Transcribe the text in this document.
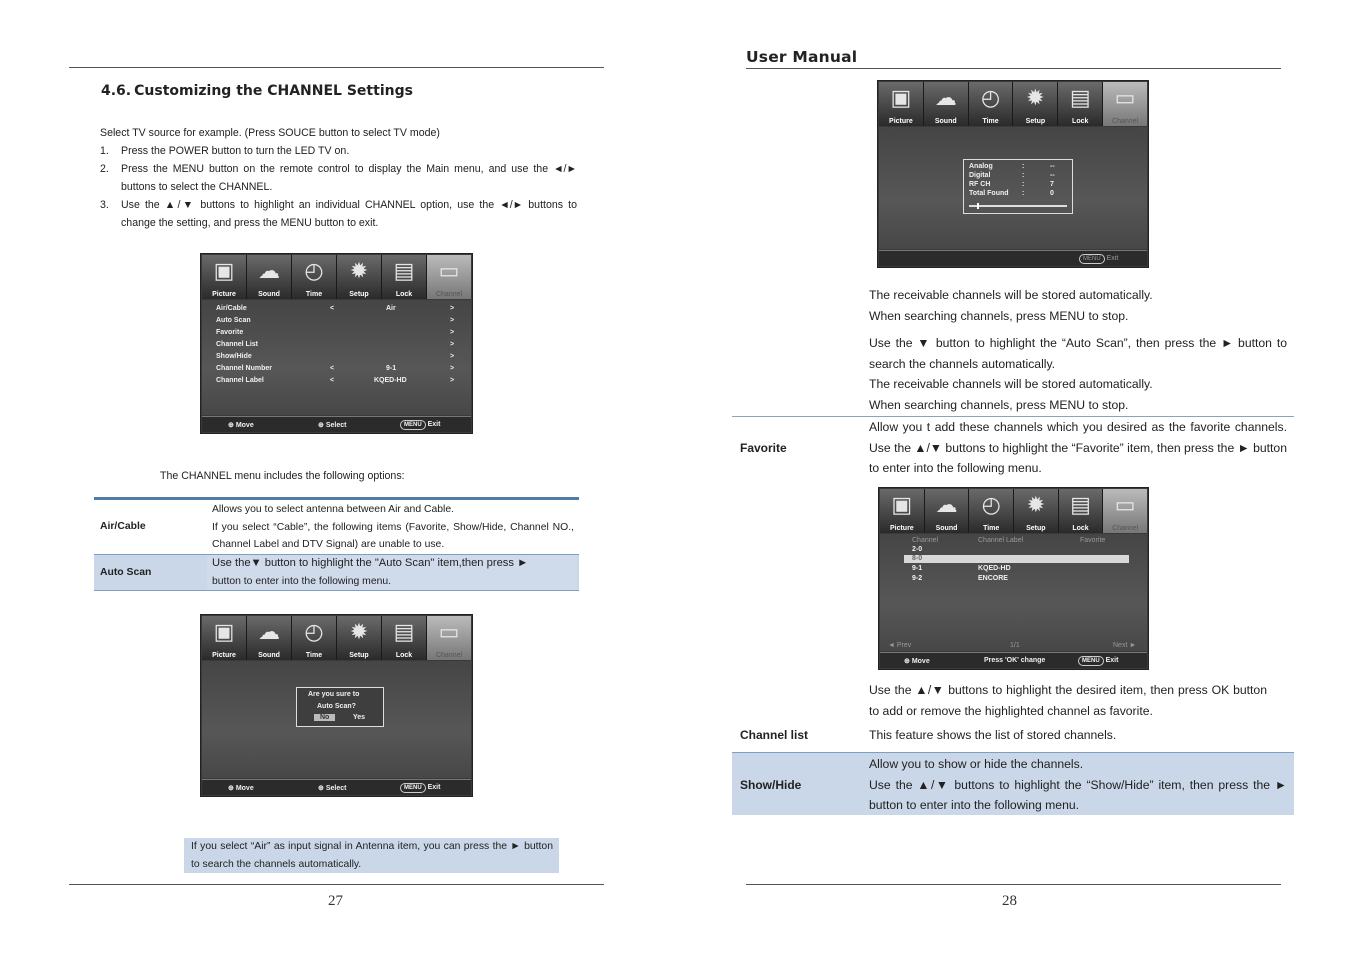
4.6. Customizing the CHANNEL Settings
Select TV source for example. (Press SOUCE button to select TV mode)
1. Press the POWER button to turn the LED TV on.
2. Press the MENU button on the remote control to display the Main menu, and use the ◄/► buttons to select the CHANNEL.
3. Use the ▲/▼ buttons to highlight an individual CHANNEL option, use the ◄/► buttons to change the setting, and press the MENU button to exit.
▣
Picture
☁
Sound
◴
Time
✹
Setup
▤
Lock
▭
Channel
Air/Cable	<	Air	>
Auto Scan	>
Favorite	>
Channel List	>
Show/Hide	>
Channel Number	<	9-1	>
Channel Label	<	KQED-HD	>
⊕ Move	⊕ Select	MENU Exit
The CHANNEL menu includes the following options:
Air/Cable
Allows you to select antenna between Air and Cable.
If you select “Cable”, the following items (Favorite, Show/Hide, Channel NO., Channel Label and DTV Signal) are unable to use.
Auto Scan
Use the▼ button to highlight the "Auto Scan" item,then press ►
button to enter into the following menu.
▣
Picture
☁
Sound
◴
Time
✹
Setup
▤
Lock
▭
Channel
Are you sure to
Auto Scan?
No	Yes
⊕ Move	⊕ Select	MENU Exit
If you select “Air” as input signal in Antenna item, you can press the ► button to search the channels automatically.
27
User Manual
▣
Picture
☁
Sound
◴
Time
✹
Setup
▤
Lock
▭
Channel
Analog	:	--
Digital	:	--
RF CH	:	7
Total Found :	0
MENU Exit
The receivable channels will be stored automatically.
When searching channels, press MENU to stop.
Use the ▼ button to highlight the “Auto Scan”, then press the ► button to search the channels automatically.
The receivable channels will be stored automatically.
When searching channels, press MENU to stop.
Favorite
Allow you t add these channels which you desired as the favorite channels. Use the ▲/▼ buttons to highlight the “Favorite” item, then press the ► button to enter into the following menu.
▣
Picture
☁
Sound
◴
Time
✹
Setup
▤
Lock
▭
Channel
Channel	Channel Label	Favorite
2-0
8-0
9-1	KQED-HD
9-2	ENCORE
◄ Prev	1/1	Next ►
⊕ Move	Press 'OK' change	MENU Exit
Use the ▲/▼ buttons to highlight the desired item, then press OK button to add or remove the highlighted channel as favorite.
Channel list	This feature shows the list of stored channels.
Show/Hide
Allow you to show or hide the channels.
Use the ▲/▼ buttons to highlight the “Show/Hide” item, then press the ► button to enter into the following menu.
28
